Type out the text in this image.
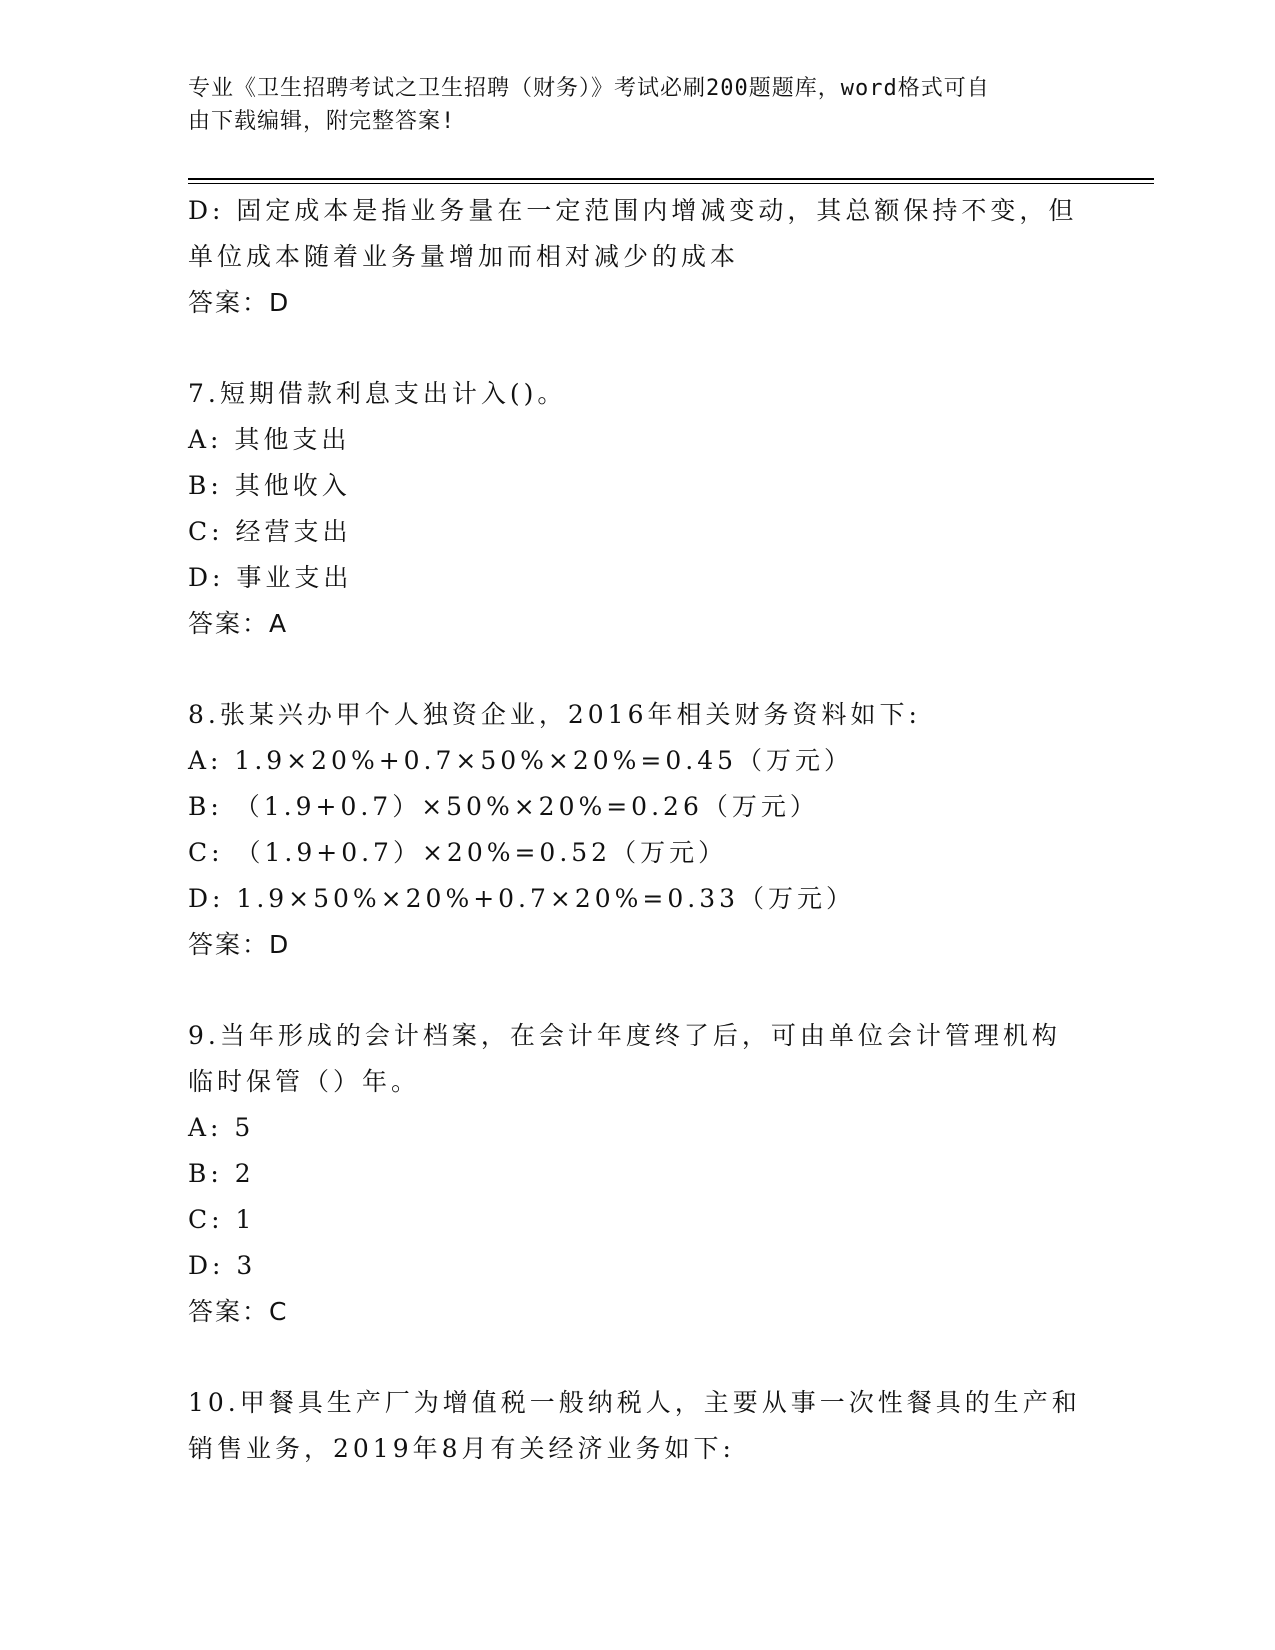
专业《卫生招聘考试之卫生招聘（财务）》考试必刷200题题库，word格式可自
由下载编辑，附完整答案!
D: 固定成本是指业务量在一定范围内增减变动，其总额保持不变，但
单位成本随着业务量增加而相对减少的成本
答案：D
7.短期借款利息支出计入()。
A: 其他支出
B: 其他收入
C: 经营支出
D: 事业支出
答案：A
8.张某兴办甲个人独资企业，2016年相关财务资料如下:
A: 1.9×20%+0.7×50%×20%=0.45（万元）
B: （1.9+0.7）×50%×20%=0.26（万元）
C: （1.9+0.7）×20%=0.52（万元）
D: 1.9×50%×20%+0.7×20%=0.33（万元）
答案：D
9.当年形成的会计档案，在会计年度终了后，可由单位会计管理机构
临时保管（）年。
A: 5
B: 2
C: 1
D: 3
答案：C
10.甲餐具生产厂为增值税一般纳税人，主要从事一次性餐具的生产和
销售业务，2019年8月有关经济业务如下:
